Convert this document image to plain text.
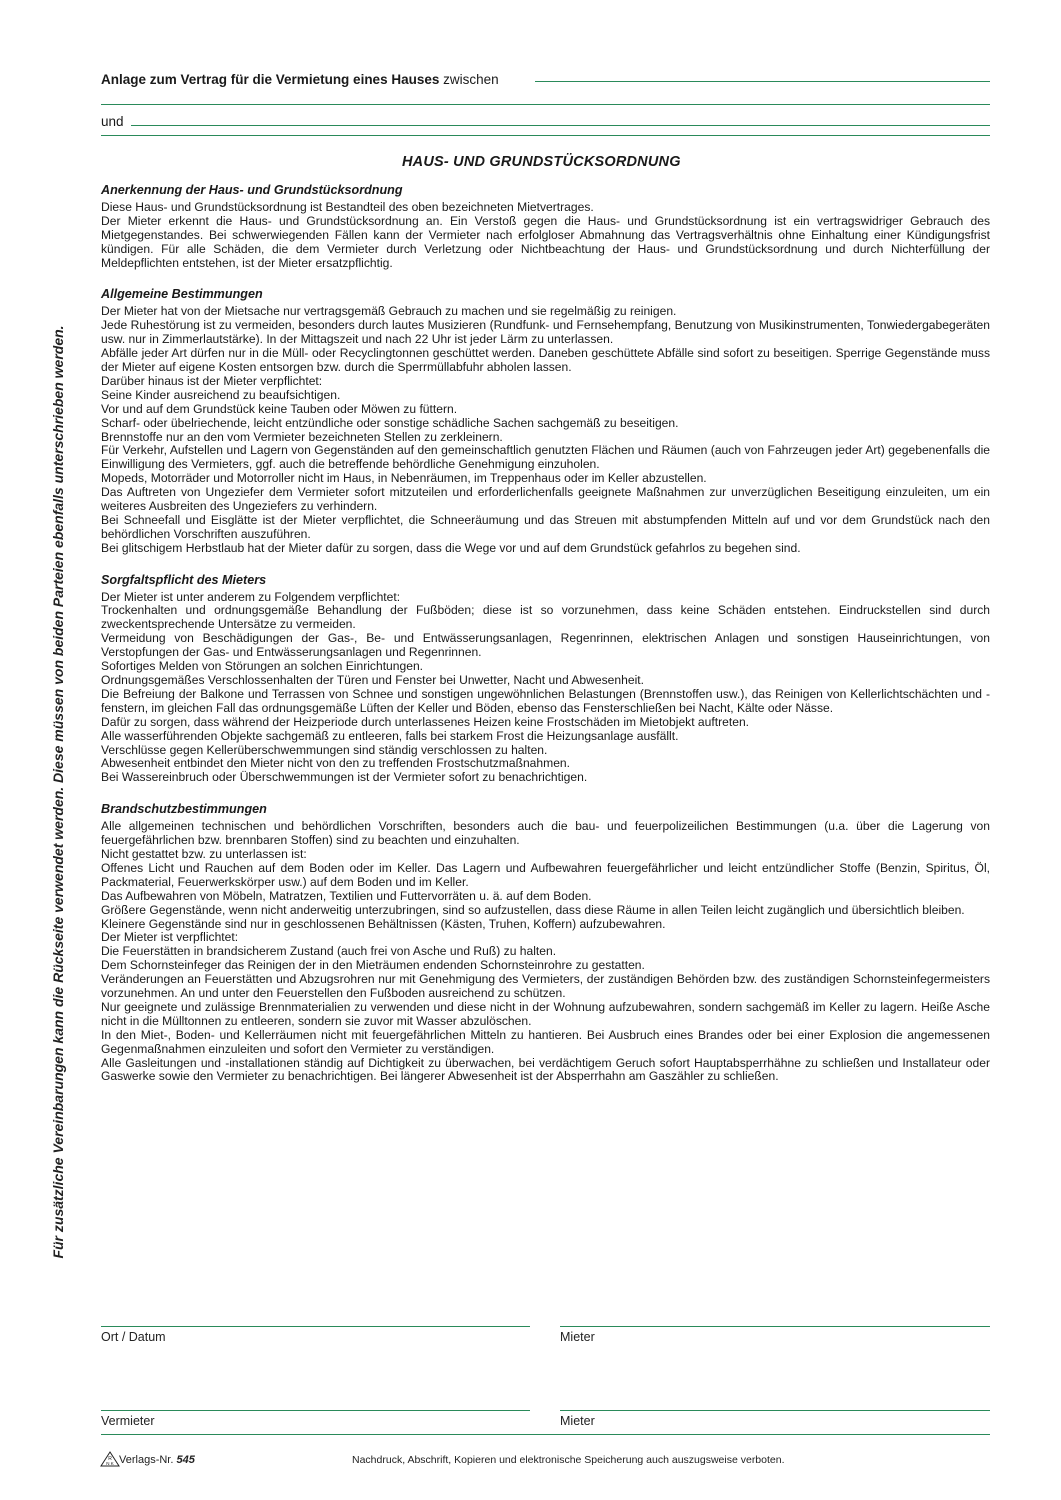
Für zusätzliche Vereinbarungen kann die Rückseite verwendet werden. Diese müssen von beiden Parteien ebenfalls unterschrieben werden.
Anlage zum Vertrag für die Vermietung eines Hauses zwischen
und
HAUS- UND GRUNDSTÜCKSORDNUNG
Anerkennung der Haus- und Grundstücksordnung

Diese Haus- und Grundstücksordnung ist Bestandteil des oben bezeichneten Mietvertrages.

Der Mieter erkennt die Haus- und Grundstücksordnung an. Ein Verstoß gegen die Haus- und Grundstücksordnung ist ein vertragswidriger Gebrauch des Mietgegenstandes. Bei schwerwiegenden Fällen kann der Vermieter nach erfolgloser Abmahnung das Vertragsverhältnis ohne Einhaltung einer Kündigungsfrist kündigen. Für alle Schäden, die dem Vermieter durch Verletzung oder Nichtbeachtung der Haus- und Grundstücksordnung und durch Nichterfüllung der Meldepflichten entstehen, ist der Mieter ersatzpflichtig.

Allgemeine Bestimmungen

Der Mieter hat von der Mietsache nur vertragsgemäß Gebrauch zu machen und sie regelmäßig zu reinigen.

Jede Ruhestörung ist zu vermeiden, besonders durch lautes Musizieren (Rundfunk- und Fernsehempfang, Benutzung von Musikinstrumenten, Tonwiedergabegeräten usw. nur in Zimmerlautstärke). In der Mittagszeit und nach 22 Uhr ist jeder Lärm zu unterlassen.

Abfälle jeder Art dürfen nur in die Müll- oder Recyclingtonnen geschüttet werden. Daneben geschüttete Abfälle sind sofort zu beseitigen. Sperrige Gegenstände muss der Mieter auf eigene Kosten entsorgen bzw. durch die Sperrmüllabfuhr abholen lassen.

Darüber hinaus ist der Mieter verpflichtet:

Seine Kinder ausreichend zu beaufsichtigen.

Vor und auf dem Grundstück keine Tauben oder Möwen zu füttern.

Scharf- oder übelriechende, leicht entzündliche oder sonstige schädliche Sachen sachgemäß zu beseitigen.

Brennstoffe nur an den vom Vermieter bezeichneten Stellen zu zerkleinern.

Für Verkehr, Aufstellen und Lagern von Gegenständen auf den gemeinschaftlich genutzten Flächen und Räumen (auch von Fahrzeugen jeder Art) gegebenenfalls die Einwilligung des Vermieters, ggf. auch die betreffende behördliche Genehmigung einzuholen.

Mopeds, Motorräder und Motorroller nicht im Haus, in Nebenräumen, im Treppenhaus oder im Keller abzustellen.

Das Auftreten von Ungeziefer dem Vermieter sofort mitzuteilen und erforderlichenfalls geeignete Maßnahmen zur unverzüglichen Beseitigung einzuleiten, um ein weiteres Ausbreiten des Ungeziefers zu verhindern.

Bei Schneefall und Eisglätte ist der Mieter verpflichtet, die Schneeräumung und das Streuen mit abstumpfenden Mitteln auf und vor dem Grundstück nach den behördlichen Vorschriften auszuführen.

Bei glitschigem Herbstlaub hat der Mieter dafür zu sorgen, dass die Wege vor und auf dem Grundstück gefahrlos zu begehen sind.

Sorgfaltspflicht des Mieters

Der Mieter ist unter anderem zu Folgendem verpflichtet:

Trockenhalten und ordnungsgemäße Behandlung der Fußböden; diese ist so vorzunehmen, dass keine Schäden entstehen. Eindruckstellen sind durch zweckentsprechende Untersätze zu vermeiden.

Vermeidung von Beschädigungen der Gas-, Be- und Entwässerungsanlagen, Regenrinnen, elektrischen Anlagen und sonstigen Hauseinrichtungen, von Verstopfungen der Gas- und Entwässerungsanlagen und Regenrinnen.

Sofortiges Melden von Störungen an solchen Einrichtungen.

Ordnungsgemäßes Verschlossenhalten der Türen und Fenster bei Unwetter, Nacht und Abwesenheit.

Die Befreiung der Balkone und Terrassen von Schnee und sonstigen ungewöhnlichen Belastungen (Brennstoffen usw.), das Reinigen von Kellerlichtschächten und -fenstern, im gleichen Fall das ordnungsgemäße Lüften der Keller und Böden, ebenso das Fensterschließen bei Nacht, Kälte oder Nässe.

Dafür zu sorgen, dass während der Heizperiode durch unterlassenes Heizen keine Frostschäden im Mietobjekt auftreten.

Alle wasserführenden Objekte sachgemäß zu entleeren, falls bei starkem Frost die Heizungsanlage ausfällt.

Verschlüsse gegen Kellerüberschwemmungen sind ständig verschlossen zu halten.

Abwesenheit entbindet den Mieter nicht von den zu treffenden Frostschutzmaßnahmen.

Bei Wassereinbruch oder Überschwemmungen ist der Vermieter sofort zu benachrichtigen.

Brandschutzbestimmungen

Alle allgemeinen technischen und behördlichen Vorschriften, besonders auch die bau- und feuerpolizeilichen Bestimmungen (u.a. über die Lagerung von feuergefährlichen bzw. brennbaren Stoffen) sind zu beachten und einzuhalten.

Nicht gestattet bzw. zu unterlassen ist:

Offenes Licht und Rauchen auf dem Boden oder im Keller. Das Lagern und Aufbewahren feuergefährlicher und leicht entzündlicher Stoffe (Benzin, Spiritus, Öl, Packmaterial, Feuerwerkskörper usw.) auf dem Boden und im Keller.

Das Aufbewahren von Möbeln, Matratzen, Textilien und Futtervorräten u. ä. auf dem Boden.

Größere Gegenstände, wenn nicht anderweitig unterzubringen, sind so aufzustellen, dass diese Räume in allen Teilen leicht zugänglich und übersichtlich bleiben.

Kleinere Gegenstände sind nur in geschlossenen Behältnissen (Kästen, Truhen, Koffern) aufzubewahren.

Der Mieter ist verpflichtet:

Die Feuerstätten in brandsicherem Zustand (auch frei von Asche und Ruß) zu halten.

Dem Schornsteinfeger das Reinigen der in den Mieträumen endenden Schornsteinrohre zu gestatten.

Veränderungen an Feuerstätten und Abzugsrohren nur mit Genehmigung des Vermieters, der zuständigen Behörden bzw. des zuständigen Schornsteinfegermeisters vorzunehmen. An und unter den Feuerstellen den Fußboden ausreichend zu schützen.

Nur geeignete und zulässige Brennmaterialien zu verwenden und diese nicht in der Wohnung aufzubewahren, sondern sachgemäß im Keller zu lagern. Heiße Asche nicht in die Mülltonnen zu entleeren, sondern sie zuvor mit Wasser abzulöschen.

In den Miet-, Boden- und Kellerräumen nicht mit feuergefährlichen Mitteln zu hantieren. Bei Ausbruch eines Brandes oder bei einer Explosion die angemessenen Gegenmaßnahmen einzuleiten und sofort den Vermieter zu verständigen.

Alle Gasleitungen und -installationen ständig auf Dichtigkeit zu überwachen, bei verdächtigem Geruch sofort Hauptabsperrhähne zu schließen und Installateur oder Gaswerke sowie den Vermieter zu benachrichtigen. Bei längerer Abwesenheit ist der Absperrhahn am Gaszähler zu schließen.

Ort / Datum	Mieter
Vermieter	Mieter
R
N K Verlags-Nr. 545	Nachdruck, Abschrift, Kopieren und elektronische Speicherung auch auszugsweise verboten.
